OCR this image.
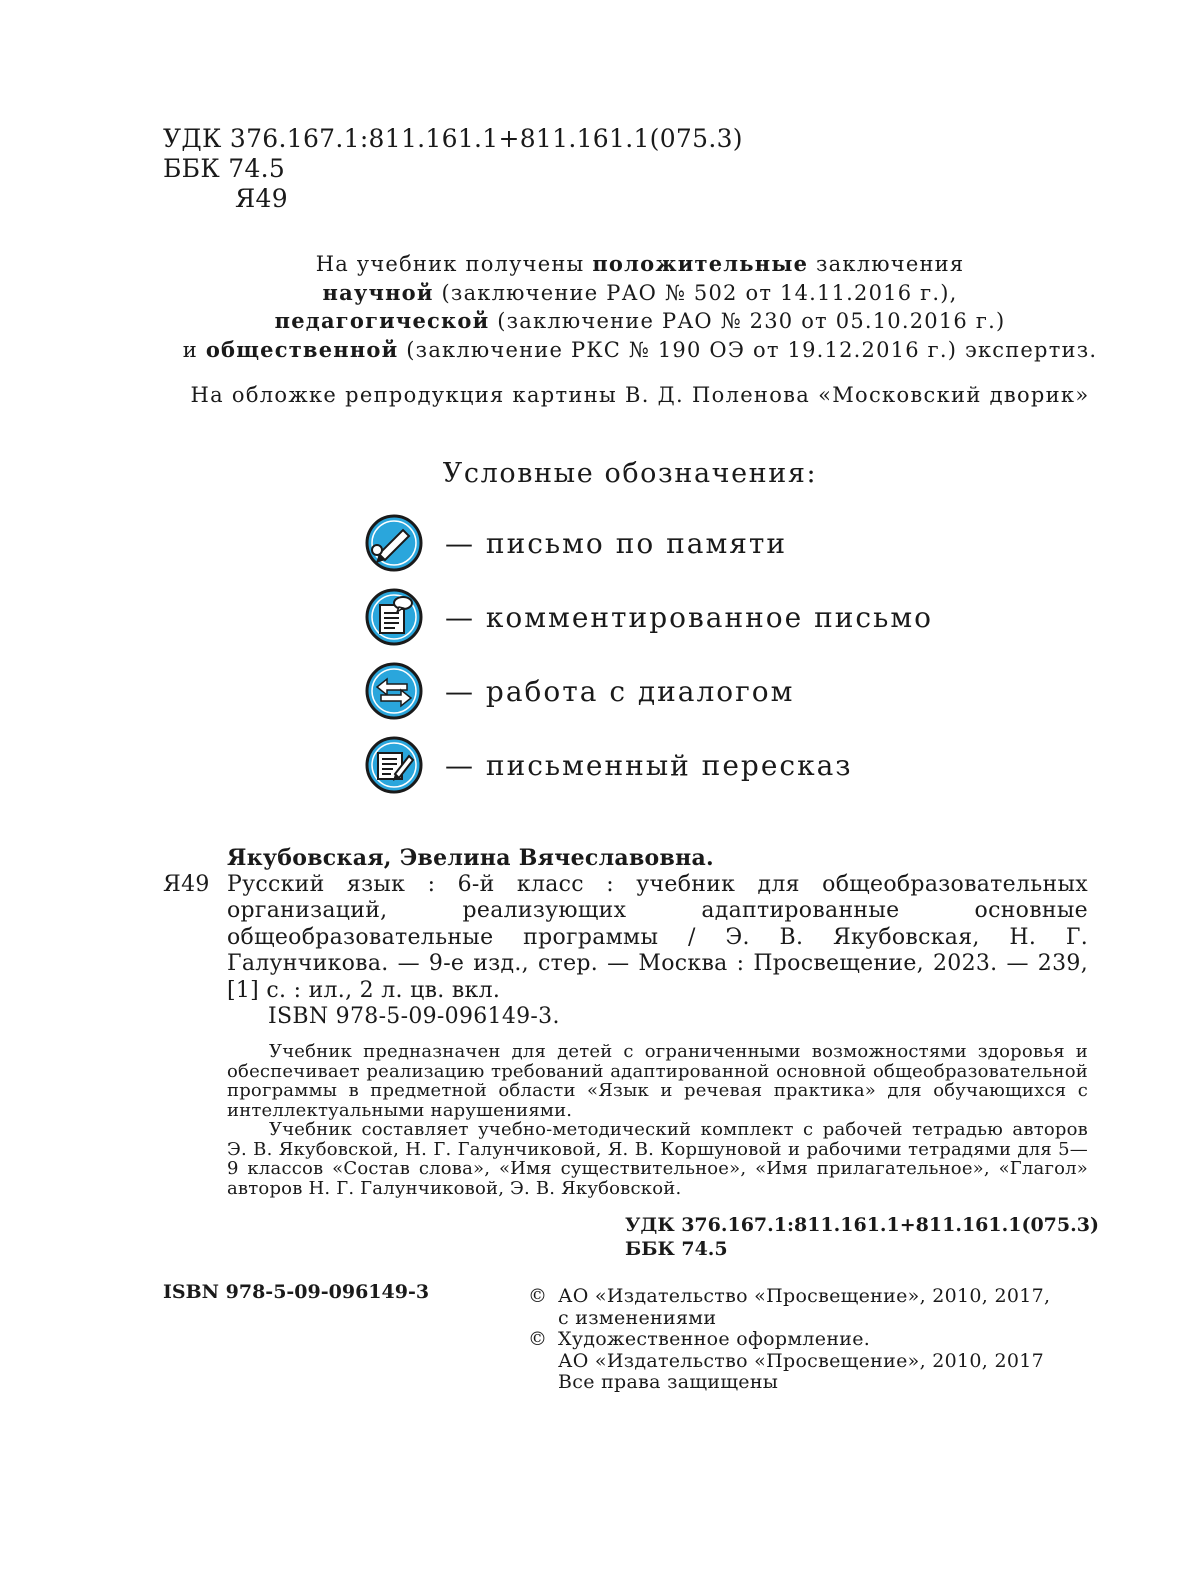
УДК 376.167.1:811.161.1+811.161.1(075.3)
ББК 74.5
Я49
На учебник получены положительные заключения
научной (заключение РАО № 502 от 14.11.2016 г.),
педагогической (заключение РАО № 230 от 05.10.2016 г.)
и общественной (заключение РКС № 190 ОЭ от 19.12.2016 г.) экспертиз.
На обложке репродукция картины В. Д. Поленова «Московский дворик»
Условные обозначения:
— письмо по памяти
— комментированное письмо
— работа с диалогом
— письменный пересказ
Якубовская, Эвелина Вячеславовна.
Я49 Русский язык : 6-й класс : учебник для общеобразовательных организаций, реализующих адаптированные основные общеобразовательные программы / Э. В. Якубовская, Н. Г. Галунчикова. — 9-е изд., стер. — Москва : Просвещение, 2023. — 239, [1] с. : ил., 2 л. цв. вкл.
ISBN 978-5-09-096149-3.

Учебник предназначен для детей с ограниченными возможностями здоровья и обеспечивает реализацию требований адаптированной основной общеобразовательной программы в предметной области «Язык и речевая практика» для обучающихся с интеллектуальными нарушениями.

Учебник составляет учебно-методический комплект с рабочей тетрадью авторов Э. В. Якубовской, Н. Г. Галунчиковой, Я. В. Коршуновой и рабочими тетрадями для 5—9 классов «Состав слова», «Имя существительное», «Имя прилагательное», «Глагол» авторов Н. Г. Галунчиковой, Э. В. Якубовской.

УДК 376.167.1:811.161.1+811.161.1(075.3)
ББК 74.5
ISBN 978-5-09-096149-3	© АО «Издательство «Просвещение», 2010, 2017,
с изменениями
© Художественное оформление.
АО «Издательство «Просвещение», 2010, 2017
Все права защищены
